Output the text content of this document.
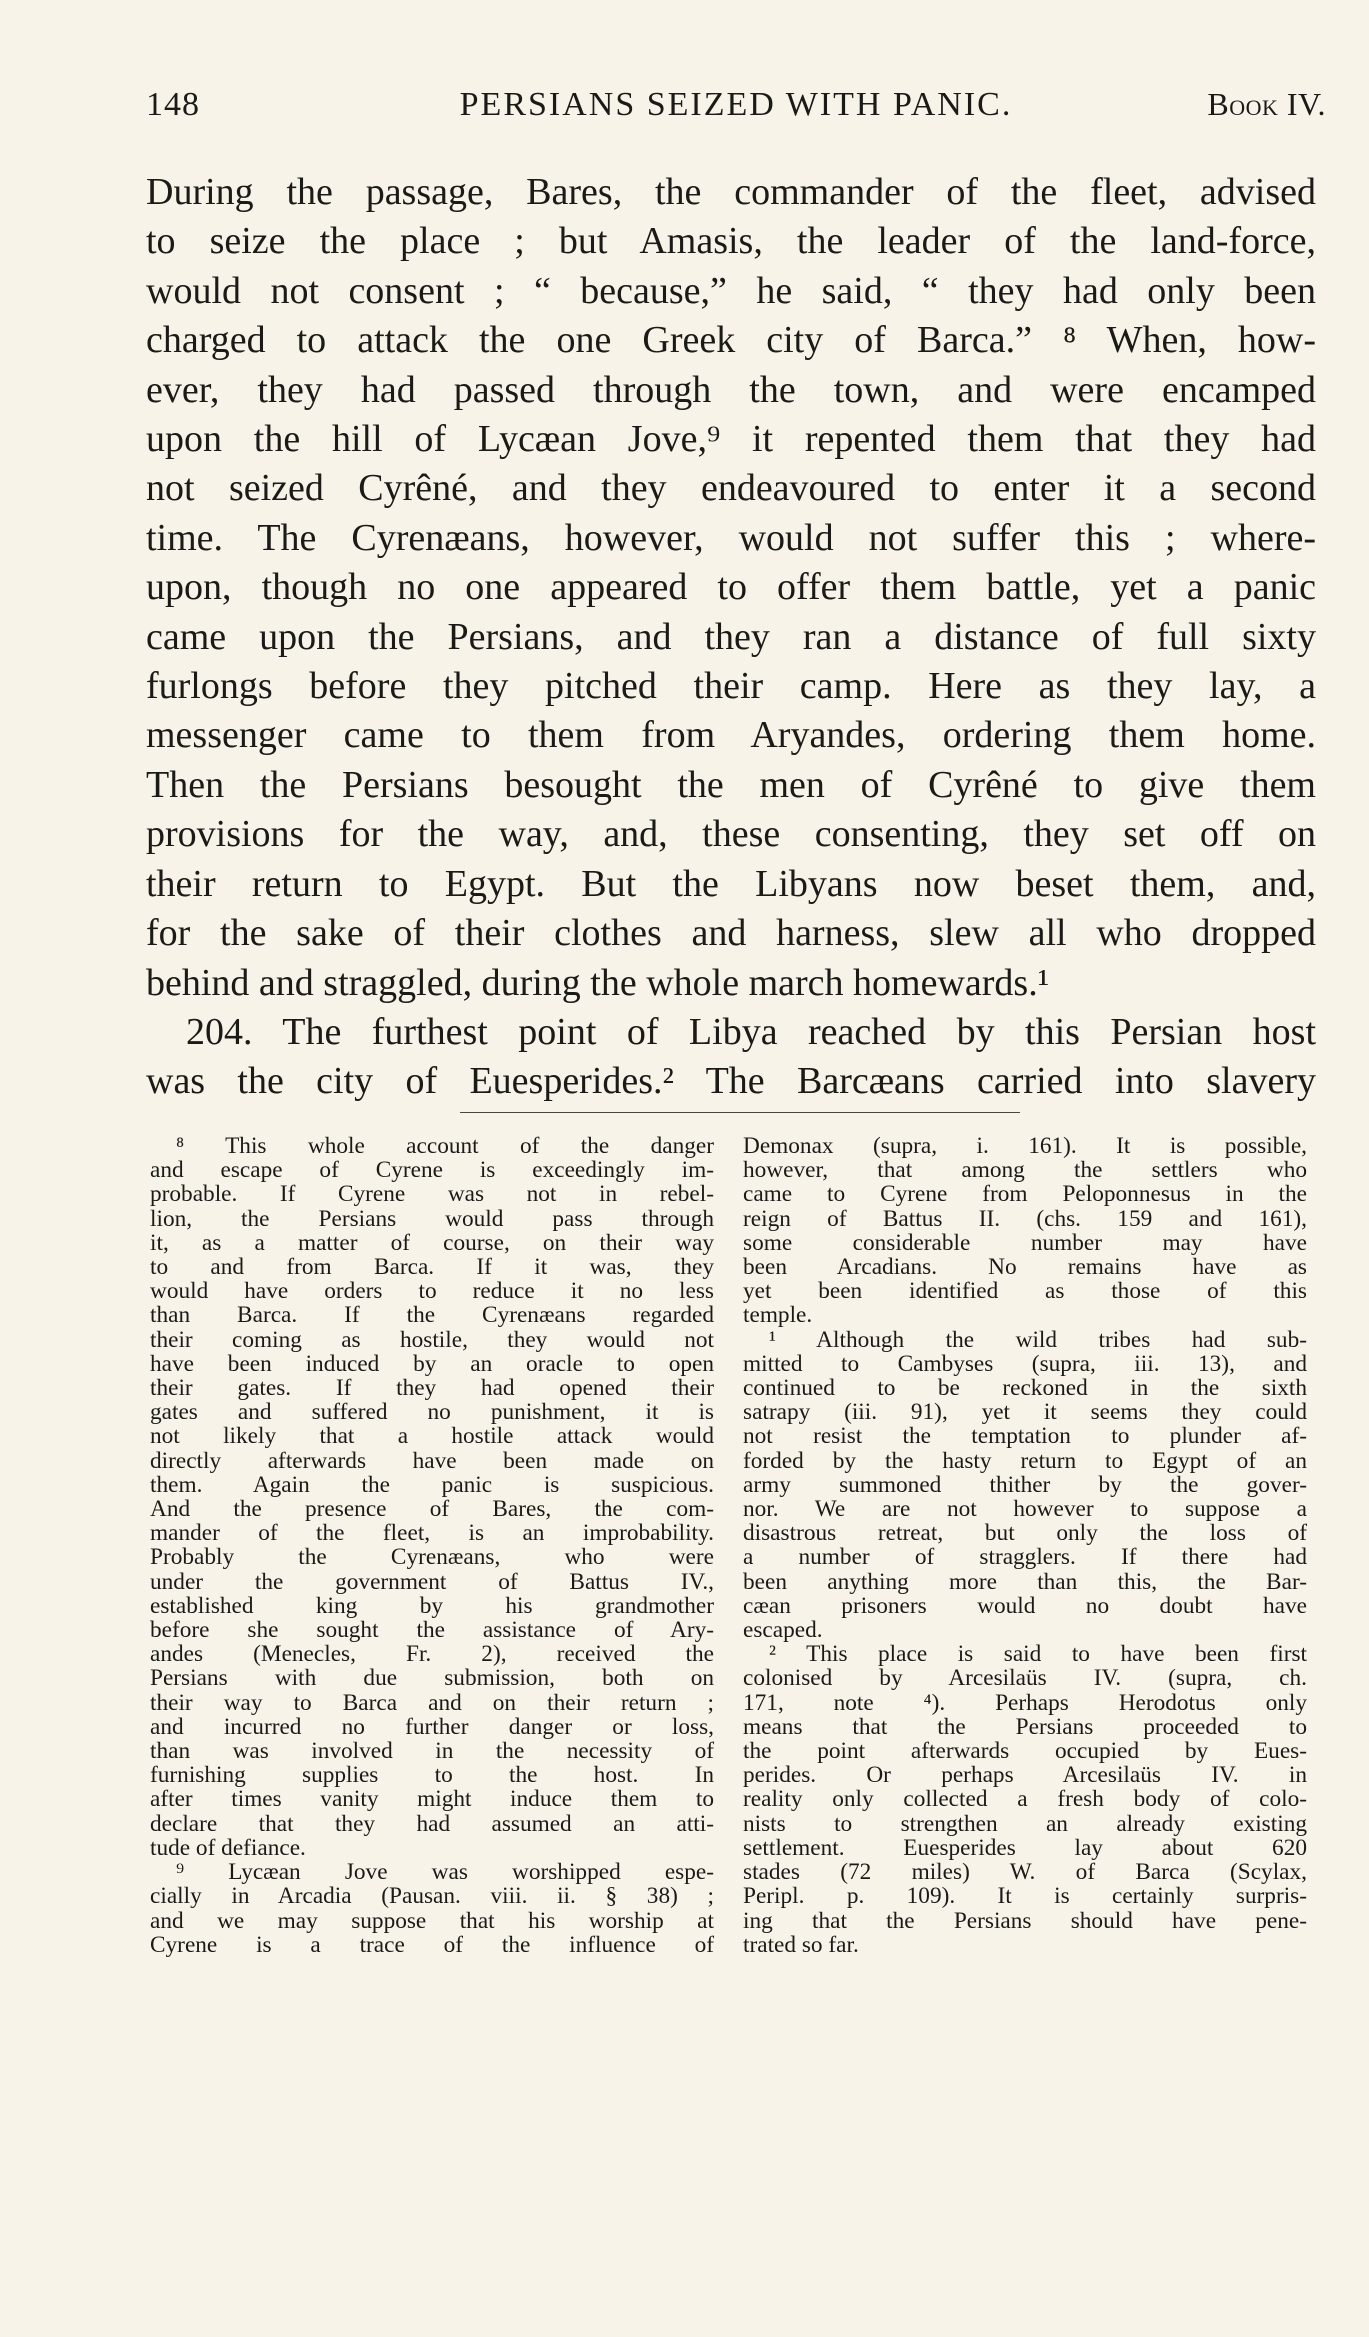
148	PERSIANS SEIZED WITH PANIC.	Book IV.

During the passage, Bares, the commander of the fleet, advised
to seize the place ; but Amasis, the leader of the land-force,
would not consent ; “ because,” he said, “ they had only been
charged to attack the one Greek city of Barca.” ⁸ When, how-
ever, they had passed through the town, and were encamped
upon the hill of Lycæan Jove,⁹ it repented them that they had
not seized Cyrêné, and they endeavoured to enter it a second
time. The Cyrenæans, however, would not suffer this ; where-
upon, though no one appeared to offer them battle, yet a panic
came upon the Persians, and they ran a distance of full sixty
furlongs before they pitched their camp. Here as they lay, a
messenger came to them from Aryandes, ordering them home.
Then the Persians besought the men of Cyrêné to give them
provisions for the way, and, these consenting, they set off on
their return to Egypt. But the Libyans now beset them, and,
for the sake of their clothes and harness, slew all who dropped
behind and straggled, during the whole march homewards.¹
204. The furthest point of Libya reached by this Persian host
was the city of Euesperides.² The Barcæans carried into slavery

⁸ This whole account of the danger
and escape of Cyrene is exceedingly im-
probable. If Cyrene was not in rebel-
lion, the Persians would pass through
it, as a matter of course, on their way
to and from Barca. If it was, they
would have orders to reduce it no less
than Barca. If the Cyrenæans regarded
their coming as hostile, they would not
have been induced by an oracle to open
their gates. If they had opened their
gates and suffered no punishment, it is
not likely that a hostile attack would
directly afterwards have been made on
them. Again the panic is suspicious.
And the presence of Bares, the com-
mander of the fleet, is an improbability.
Probably the Cyrenæans, who were
under the government of Battus IV.,
established king by his grandmother
before she sought the assistance of Ary-
andes (Menecles, Fr. 2), received the
Persians with due submission, both on
their way to Barca and on their return ;
and incurred no further danger or loss,
than was involved in the necessity of
furnishing supplies to the host. In
after times vanity might induce them to
declare that they had assumed an atti-
tude of defiance.
⁹ Lycæan Jove was worshipped espe-
cially in Arcadia (Pausan. viii. ii. § 38) ;
and we may suppose that his worship at
Cyrene is a trace of the influence of
Demonax (supra, i. 161). It is possible,
however, that among the settlers who
came to Cyrene from Peloponnesus in the
reign of Battus II. (chs. 159 and 161),
some considerable number may have
been Arcadians. No remains have as
yet been identified as those of this
temple.
¹ Although the wild tribes had sub-
mitted to Cambyses (supra, iii. 13), and
continued to be reckoned in the sixth
satrapy (iii. 91), yet it seems they could
not resist the temptation to plunder af-
forded by the hasty return to Egypt of an
army summoned thither by the gover-
nor. We are not however to suppose a
disastrous retreat, but only the loss of
a number of stragglers. If there had
been anything more than this, the Bar-
cæan prisoners would no doubt have
escaped.
² This place is said to have been first
colonised by Arcesilaüs IV. (supra, ch.
171, note ⁴). Perhaps Herodotus only
means that the Persians proceeded to
the point afterwards occupied by Eues-
perides. Or perhaps Arcesilaüs IV. in
reality only collected a fresh body of colo-
nists to strengthen an already existing
settlement. Euesperides lay about 620
stades (72 miles) W. of Barca (Scylax,
Peripl. p. 109). It is certainly surpris-
ing that the Persians should have pene-
trated so far.
